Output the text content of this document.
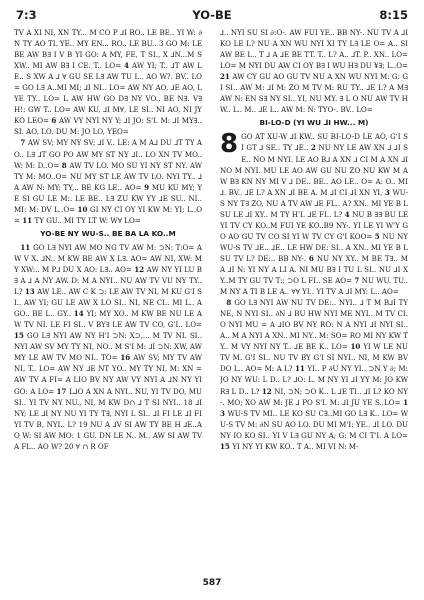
7:3	YO-BE	8:15

TV A XI NI, XN TY... M CO P ⅃I RO.. LE BE.. YI W: ∂N TY AO TL YE.. MY EN... RO.. LE BU.. 3 GO M: LE BE AW B∃ I V B YI GO: A MY, FE, T SI., X ⅃N...M S XW.. MI AW B∃ I CE. T.. LO= 4 AW YI; T.. ⅃T AW LE.. S XW A ⅃ ∀ GU SE L∃ AW TU L.. AO W?. BV.. LO= GO L∃ A..MI MI; ⅃I NI.. LO= AW NY AO, ⅃E AO, L YE TY.. LO= L AW HW GO D∃ NY VO., BE N∃. V∃ H!: GW T.. LO= AW KU, ⅃I M∀, LE SI.. NI AO, NI JY KO LEO= 6 AW VY NYI NY Y; ⅃I JO: S'I. M: ⅃I MY∃.. SI. AO, LO. DU M: JO LO, YEO=

7 AW SV; MY NY SV; ⅃I V.. LE: A M A⅃ DU ⅃T TY AO.. L∃ ⅃T GO PO AW MY ST NY ⅃I.. LO XN TV MO.. W: M: D..O= 8 AW TV LO. MO SU YI NY ST NY. AW TY M: MO..O= NU MY ST LE AW TV LO. NYI TY.. ⅃A AW N: MY: TY,.. BE KG LE.. AO= 9 MU KU MY; YE SI GU LE M:. LE BE.. L∃ ZU KW YY ⅃E SU.. NI.. MI: M: DV L..O= 10 GI NY CI OY YI KW M: YI; L..O= 11 TY GU.. MI TY LT W: W∀ LO=

YO-BE NY WU-S.. BE BA LA KO..M

11 GO L∃ NYI AW MO NG TV AW M: ⊃N: T:O= AW V X. ⅃N.. M KW BE AW X L∃. AO= AW NI, XW: MY XW:.. M P⅃ DU X AO: L∃.. AO= 12 AW NY YI LU B∃ A ⅃ A NY AW. D: M A NYI.. NU AW TV VU NY TY.. L? 13 AW LE.. AW C K ⊃: LE AW TV NI, M KU G'I SI.. AW YI; GU LE AW X LO SI.. NI, NE CI.. MI L.. A GO.. BE L.. GY.. 14 YI; MY XO.. M KW BE NU LE AW TV NI. LE FI SI.. V BY∃ LE AW TV CO, G'I.. LO= 15 GO L∃ NYI AW NY H'I ⊃N: X⊃,... M TV NI. SI.. NYI AW SV MY TY NI, NO.. M S'I M: ⅃I ⊃N: XW, AW MY LE AW TV MO NI.. TO= 16 AW SV; MY TV AW NI, T.. LO= AW NY ⅃E NT YO.. MY TY NI, M: XN = AW TV A FI= A LIO BV NY AW VY NYI A ⅃N NY YI GO: A LO= 17 L⅃O A XN A NYI.. NU, YI TV DO, MU SI.. YI TV NY NU., NI, M KW D∩ ⅃ T SI NYI.. 18 ⅃I NY; LE ⅃I NY NU YI TY T∃, NYI L SI.. ⅃I FI LE ⅃I FI YI TV B, NYI.. L? 19 NU A ⅃V SI AW TY BE H ⅃E..AO W: SI AW MO: 1 GU. DN LE N.. M.. AW SI AW TV A FL.. AO W? 20 ∀ ∩ R OF

⅃.. NYI SU SI ∂:O-. AW FUI YE.. BB NY-. NU TV A ⅃I KO LE L? NU A XN WU NYI XI TY L∃ LE O= A.. SI AW BE L.. T ⅃ A ⅃E BE TT. T.. L? A.. ⅃T. P.. XN.. LO= LO= M NYI DU AW CI OY B∃ I WU H∃ DU ¥∃; L..O= 21 AW CY GU AO GU TV NU A XN WU NYI M: G: GI SI.. AW M: ⅃I M: ZO M TV M: RU TY.. ⅃E L? A M∃ AW N: EN S∃ NY SI.. YI, NU MY. ∃ L O NU AW TV HW.. L.. M.. ⅃E L.. AW M: N: TYO-. BV.. LO=

BI-LO-D (YI WU ⅃I HW... M)

8 GO AT XU-W ⅃I KW.. SU BI-LO-D LE AO, G'I SI GT ⅃ SE.. TY ⅃E.. 2 NU NY LE AW XN ⅃ ⅃I SE.. NO M NYI. LE AO B⅃ A XN ⅃ CI M A XN ⅃I NO M NYI. MU LE AO AW GU NU ZO NU KW M AW B∃ KN NY MI V ⅃ DE.. BE.. AO LE.. O= A: O.. MI ⅃. BV.. ⅃E L? A XN ⅃I BE A. M ⅃I CI ⅃I XN YI, 3 WU-S NY T∃ ZO, NU A TV AW ⅃E FL.. A? XN.. MI YE B L SU LE ⅃I XY.. M TY H'I. ⅃E FI.. L? 4 NU B ∃∃ BU LE YI TV CY KO..M FUI YE KO..B9 NY-. YI LE YI W'Y GO AO GU TV CO SI YI W TV CY G'I KOO= 5 NU NY WU-S TV ⅃E.. ⅃E.. LE HW DE: SI.. A XN.. MI YE B L SU TV L? DE:.. BB NY-. 6 NU NY XY.. M BE T∃.. M A ⅃I N: YI NY A LI A. NI MU B∃ I TU L SI.. NU ⅃I XY..M TY GU TV T:; ⊃O L FI.. SE AO= 7 NU WU. TU.. M NY A TI B LE A.. ∀∀ YI.. YI TV A ⅃I MY: L.. AO=

8 GO L∃ NYI AW NU TV DE:.. NYI.. ⅃ T M B⅃I TY NE, N NYI SI.. ∂N ⅃ BU HW NYI ME NYI.. M TV CI. O NYI MU = A ⅃IO BV NY RO: N A NYI ⅃I NYI SI.. A.. M A NYI A XN.. MI NY.. M: SO= RO MI NY KW TY.. M VY NYI NY T.. ⅃E BE K.. LO= 10 YI W LE NU TV M. G'I SI.. NU TV BY G'I SI NYI.. NI, M KW BV DO L.. AO= M: A L? 11 YI.. P ∂U NY YI.. ⊃N Y ∂; M: JO NY WU: L D.. L? ⅃O: L. M NY YI ⅃I YY M: JO KW R∃ L D.. L? 12 NI, ⊃N; ⊃O K.. L ⅃E TI.. ⅃I L? KO NY-. MO; XO AW M: JE ⅃ PO S'I. M: ⅃I JU YE S..LO= 13 WU-S TV MI.. LE KO SU C∃..MI GO L∃ K.. LO= WU-S TV M: ∂N SU AO LO. DU MI M'I: YE.. ⅃I LO. DU NY IO KO SI.. YI V L∃ GU NY A; G: M CI T'I. A LO= 15 YI NY YI KW KO.. T A.. MI VI N: M-

587
